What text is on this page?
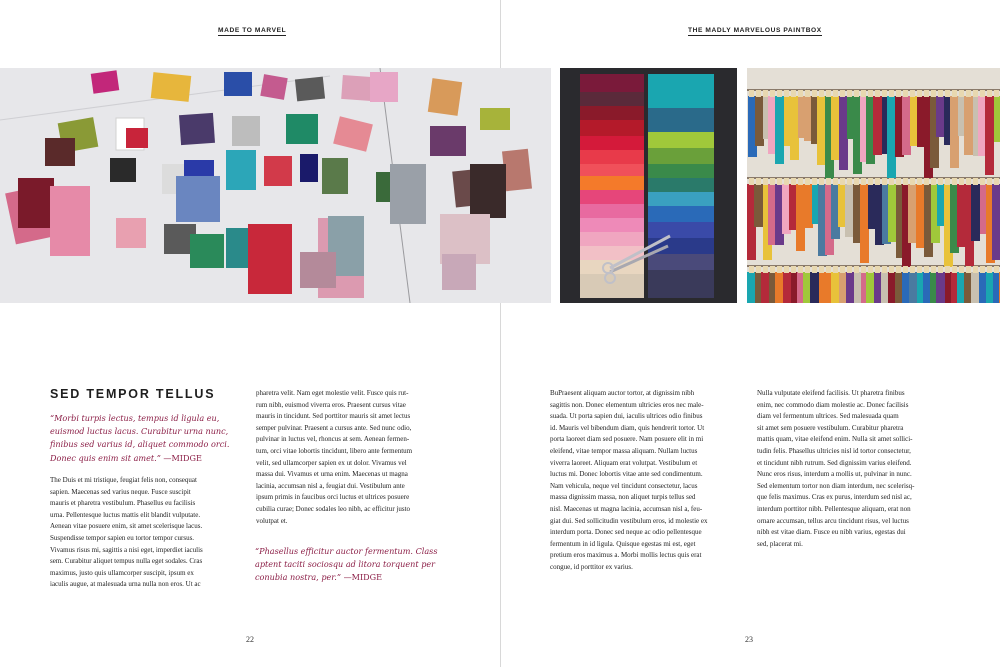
MADE TO MARVEL	THE MADLY MARVELOUS PAINTBOX
SED TEMPOR TELLUS
“Morbi turpis lectus, tempus id ligula eu, euismod luctus lacus. Curabitur urna nunc, finibus sed varius id, aliquet commodo orci. Donec quis enim sit amet.” —MIDGE
The Duis et mi tristique, feugiat felis non, consequat
sapien. Maecenas sed varius neque. Fusce suscipit
mauris et pharetra vestibulum. Phasellus eu facilisis
urna. Pellentesque luctus mattis elit blandit vulputate.
Aenean vitae posuere enim, sit amet scelerisque lacus.
Suspendisse tempor sapien eu tortor tempor cursus.
Vivamus risus mi, sagittis a nisi eget, imperdiet iaculis
sem. Curabitur aliquet tempus nulla eget sodales. Cras
maximus, justo quis ullamcorper suscipit, ipsum ex
iaculis augue, at malesuada urna nulla non eros. Ut ac
pharetra velit. Nam eget molestie velit. Fusce quis rut-
rum nibh, euismod viverra eros. Praesent cursus vitae
mauris in tincidunt. Sed porttitor mauris sit amet lectus
semper pulvinar. Praesent a cursus ante. Sed nunc odio,
pulvinar in luctus vel, rhoncus at sem. Aenean fermen-
tum, orci vitae lobortis tincidunt, libero ante fermentum
velit, sed ullamcorper sapien ex ut dolor. Vivamus vel
massa dui. Vivamus et urna enim. Maecenas ut magna
lacinia, accumsan nisl a, feugiat dui. Vestibulum ante
ipsum primis in faucibus orci luctus et ultrices posuere
cubilia curae; Donec sodales leo nibh, ac efficitur justo
volutpat et.
“Phasellus efficitur auctor fermentum. Class aptent taciti sociosqu ad litora torquent per conubia nostra, per.” —MIDGE
BuPraesent aliquam auctor tortor, at dignissim nibh
sagittis non. Donec elementum ultricies eros nec male-
suada. Ut porta sapien dui, iaculis ultrices odio finibus
id. Mauris vel bibendum diam, quis hendrerit tortor. Ut
porta laoreet diam sed posuere. Nam posuere elit in mi
eleifend, vitae tempor massa aliquam. Nullam luctus
viverra laoreet. Aliquam erat volutpat. Vestibulum et
luctus mi. Donec lobortis vitae ante sed condimentum.
Nam vehicula, neque vel tincidunt consectetur, lacus
massa dignissim massa, non aliquet turpis tellus sed
nisl. Maecenas ut magna lacinia, accumsan nisl a, feu-
giat dui. Sed sollicitudin vestibulum eros, id molestie ex
interdum porta. Donec sed neque ac odio pellentesque
fermentum in id ligula. Quisque egestas mi est, eget
pretium eros maximus a. Morbi mollis lectus quis erat
congue, id porttitor ex varius.
Nulla vulputate eleifend facilisis. Ut pharetra finibus
enim, nec commodo diam molestie ac. Donec facilisis
diam vel fermentum ultrices. Sed malesuada quam
sit amet sem posuere vestibulum. Curabitur pharetra
mattis quam, vitae eleifend enim. Nulla sit amet sollici-
tudin felis. Phasellus ultricies nisl id tortor consectetur,
et tincidunt nibh rutrum. Sed dignissim varius eleifend.
Nunc eros risus, interdum a mollis ut, pulvinar in nunc.
Sed elementum tortor non diam interdum, nec scelerisq-
que felis maximus. Cras ex purus, interdum sed nisl ac,
interdum porttitor nibh. Pellentesque aliquam, erat non
ornare accumsan, tellus arcu tincidunt risus, vel luctus
nibh est vitae diam. Fusce eu nibh varius, egestas dui
sed, placerat mi.
22	23
